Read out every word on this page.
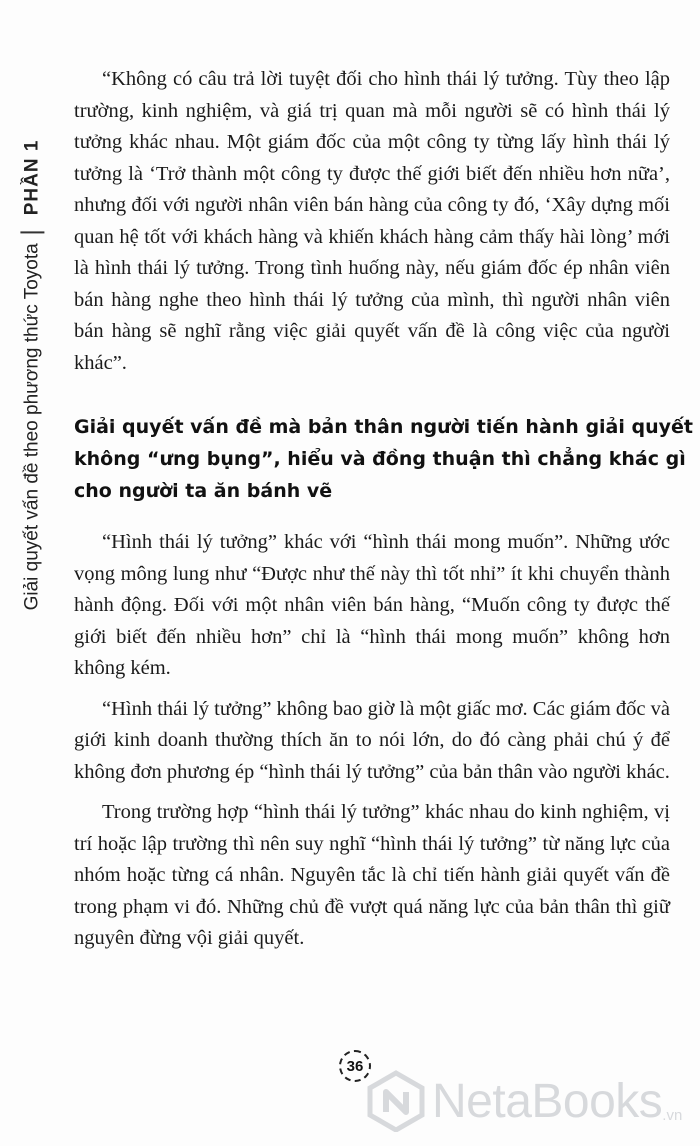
Giải quyết vấn đề theo phương thức Toyota
PHẦN 1

“Không có câu trả lời tuyệt đối cho hình thái lý tưởng. Tùy theo lập trường, kinh nghiệm, và giá trị quan mà mỗi người sẽ có hình thái lý tưởng khác nhau. Một giám đốc của một công ty từng lấy hình thái lý tưởng là ‘Trở thành một công ty được thế giới biết đến nhiều hơn nữa’, nhưng đối với người nhân viên bán hàng của công ty đó, ‘Xây dựng mối quan hệ tốt với khách hàng và khiến khách hàng cảm thấy hài lòng’ mới là hình thái lý tưởng. Trong tình huống này, nếu giám đốc ép nhân viên bán hàng nghe theo hình thái lý tưởng của mình, thì người nhân viên bán hàng sẽ nghĩ rằng việc giải quyết vấn đề là công việc của người khác”.

Giải quyết vấn đề mà bản thân người tiến hành giải quyết không “ưng bụng”, hiểu và đồng thuận thì chẳng khác gì cho người ta ăn bánh vẽ

“Hình thái lý tưởng” khác với “hình thái mong muốn”. Những ước vọng mông lung như “Được như thế này thì tốt nhỉ” ít khi chuyển thành hành động. Đối với một nhân viên bán hàng, “Muốn công ty được thế giới biết đến nhiều hơn” chỉ là “hình thái mong muốn” không hơn không kém.

“Hình thái lý tưởng” không bao giờ là một giấc mơ. Các giám đốc và giới kinh doanh thường thích ăn to nói lớn, do đó càng phải chú ý để không đơn phương ép “hình thái lý tưởng” của bản thân vào người khác.

Trong trường hợp “hình thái lý tưởng” khác nhau do kinh nghiệm, vị trí hoặc lập trường thì nên suy nghĩ “hình thái lý tưởng” từ năng lực của nhóm hoặc từng cá nhân. Nguyên tắc là chỉ tiến hành giải quyết vấn đề trong phạm vi đó. Những chủ đề vượt quá năng lực của bản thân thì giữ nguyên đừng vội giải quyết.

36
NetaBooks .vn
